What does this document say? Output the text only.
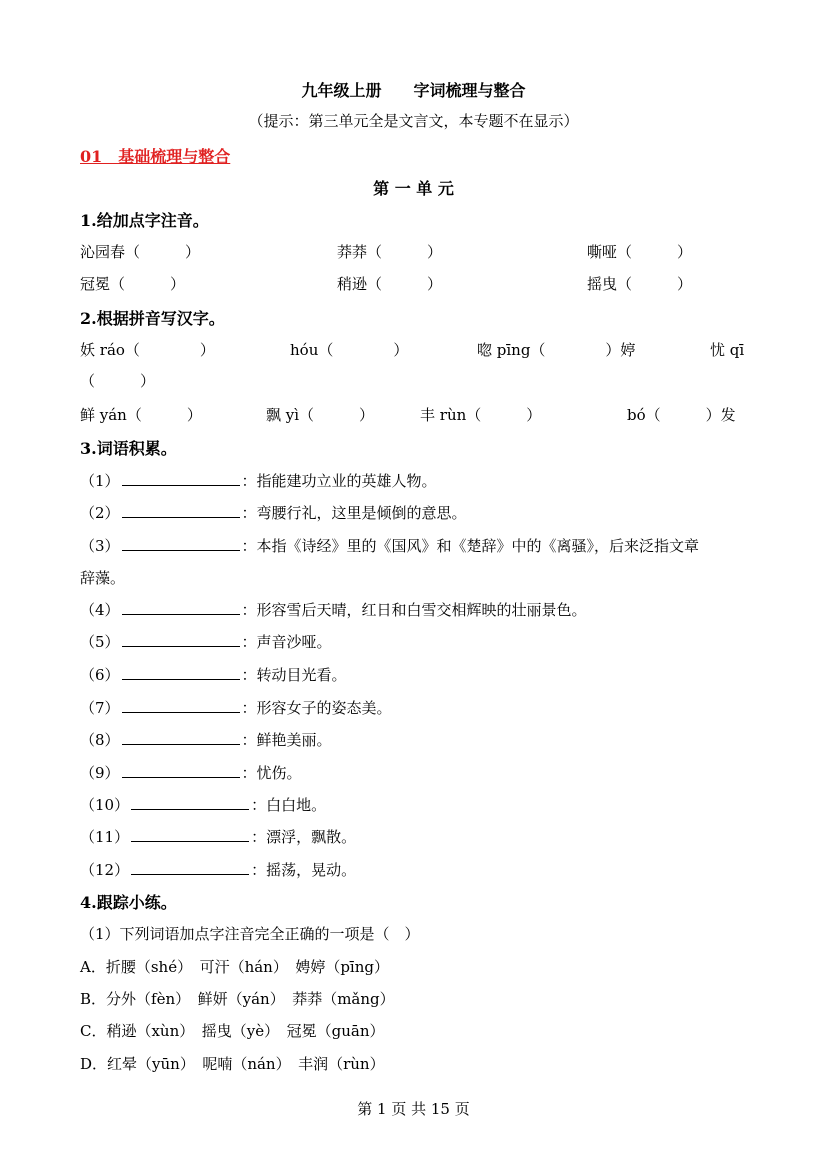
九年级上册　　字词梳理与整合
（提示：第三单元全是文言文，本专题不在显示）
01　基础梳理与整合
第 一 单 元
1.给加点字注音。
沁园春（　　　）	莽莽（　　　）	嘶哑（　　　）
冠冕（　　　）	稍逊（　　　）	摇曳（　　　）
2.根据拼音写汉字。
妖 ráo（　　　　）	hóu（　　　　）	唿 pīng（　　　　）婷	忧 qī
（　　　）
鲜 yán（　　　）	飘 yì（　　　）	丰 rùn（　　　）	bó（　　　）发
3.词语积累。
（1）	：指能建功立业的英雄人物。
（2）	：弯腰行礼，这里是倾倒的意思。
（3）	：本指《诗经》里的《国风》和《楚辞》中的《离骚》，后来泛指文章
辞藻。
（4）	：形容雪后天晴，红日和白雪交相辉映的壮丽景色。
（5）	：声音沙哑。
（6）	：转动目光看。
（7）	：形容女子的姿态美。
（8）	：鲜艳美丽。
（9）	：忧伤。
（10）	：白白地。
（11）	：漂浮，飘散。
（12）	：摇荡，晃动。
4.跟踪小练。
（1）下列词语加点字注音完全正确的一项是（　）
A．折腰（shé）　可汗（hán）　娉婷（pīng）
B．分外（fèn）　鲜妍（yán）　莽莽（mǎng）
C．稍逊（xùn）　摇曳（yè）　冠冕（guān）
D．红晕（yūn）　呢喃（nán）　丰润（rùn）
第 1 页 共 15 页
